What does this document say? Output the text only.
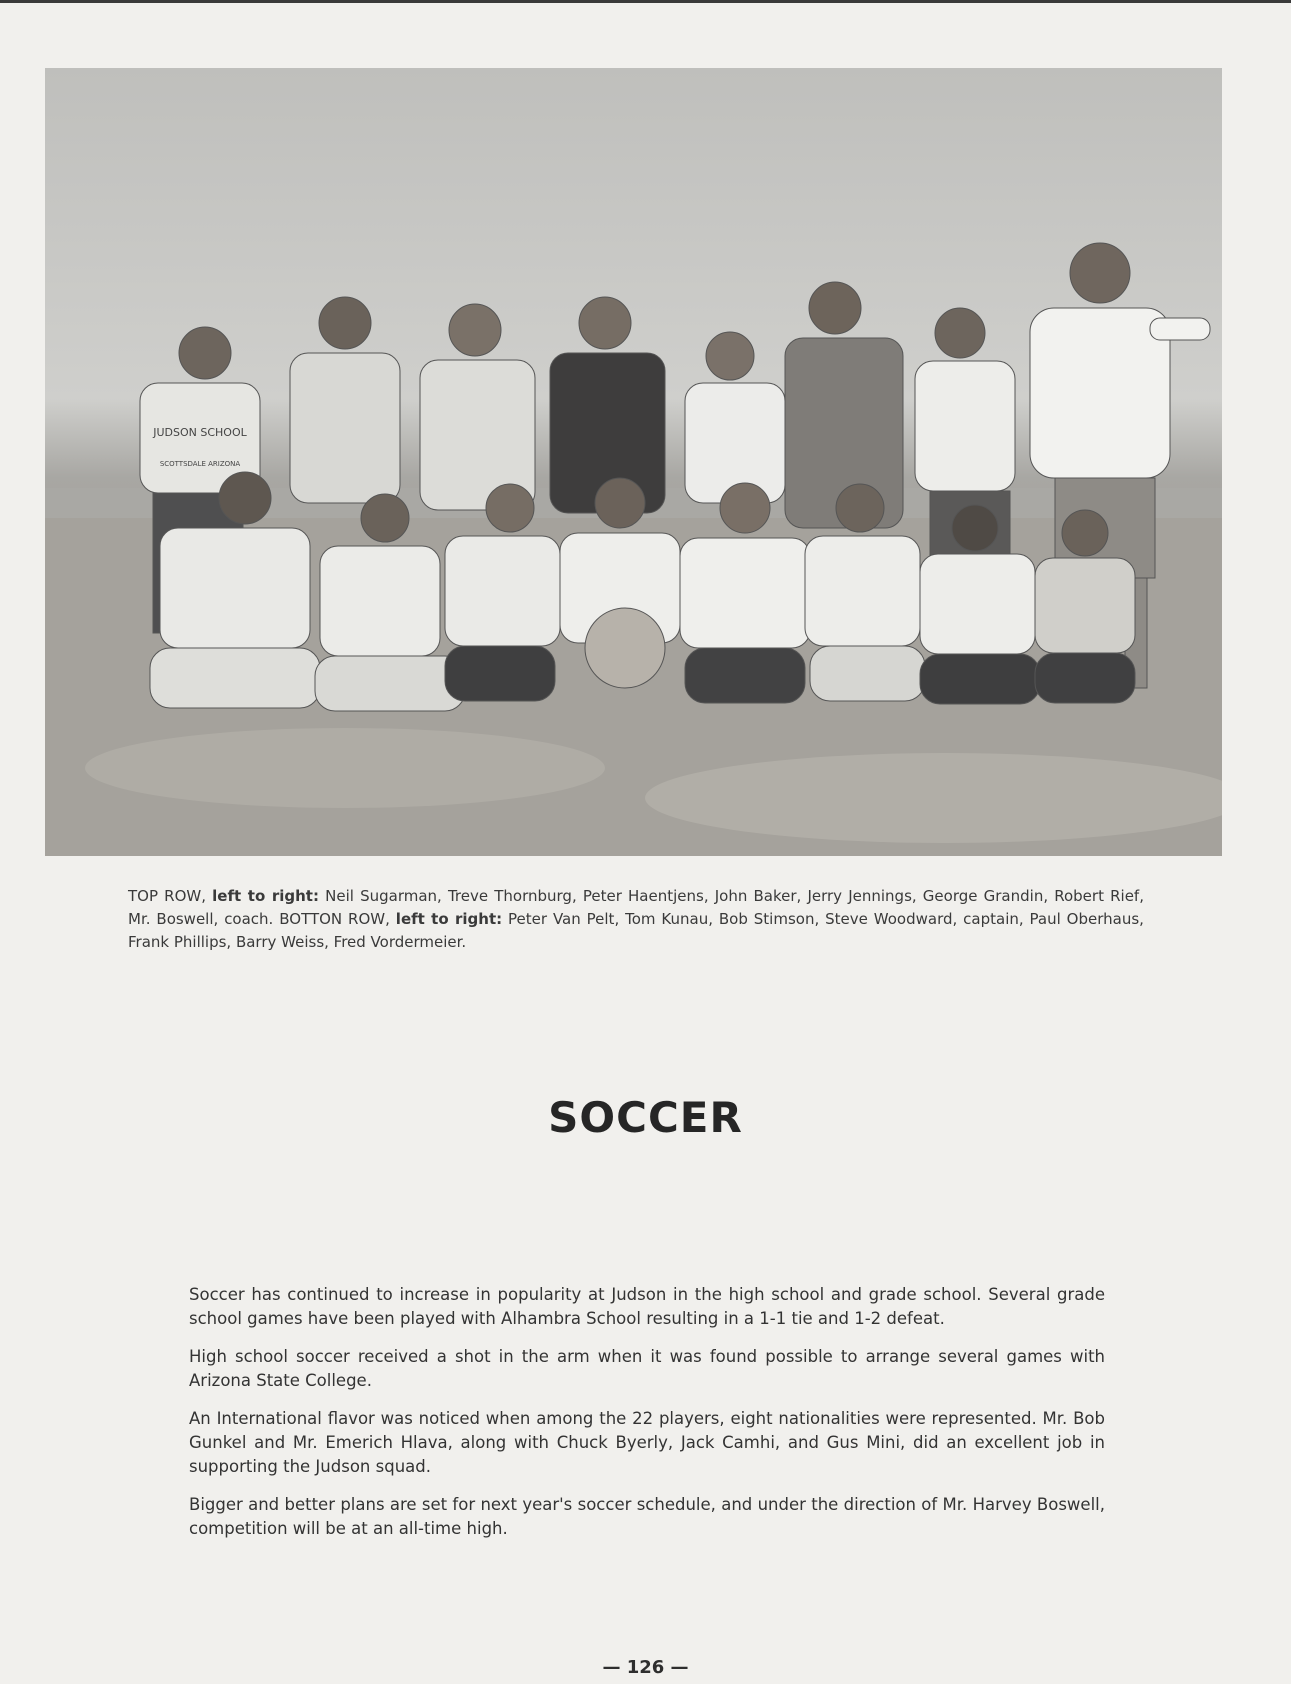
JUDSON SCHOOL
SCOTTSDALE ARIZONA
TOP ROW, left to right: Neil Sugarman, Treve Thornburg, Peter Haentjens, John Baker, Jerry Jennings, George Grandin, Robert Rief, Mr. Boswell, coach. BOTTON ROW, left to right: Peter Van Pelt, Tom Kunau, Bob Stimson, Steve Woodward, captain, Paul Oberhaus, Frank Phillips, Barry Weiss, Fred Vordermeier.
SOCCER

Soccer has continued to increase in popularity at Judson in the high school and grade school. Several grade school games have been played with Alhambra School resulting in a 1-1 tie and 1-2 defeat.

High school soccer received a shot in the arm when it was found possible to arrange several games with Arizona State College.

An International flavor was noticed when among the 22 players, eight nationalities were represented. Mr. Bob Gunkel and Mr. Emerich Hlava, along with Chuck Byerly, Jack Camhi, and Gus Mini, did an excellent job in supporting the Judson squad.

Bigger and better plans are set for next year's soccer schedule, and under the direction of Mr. Harvey Boswell, competition will be at an all-time high.

— 126 —
